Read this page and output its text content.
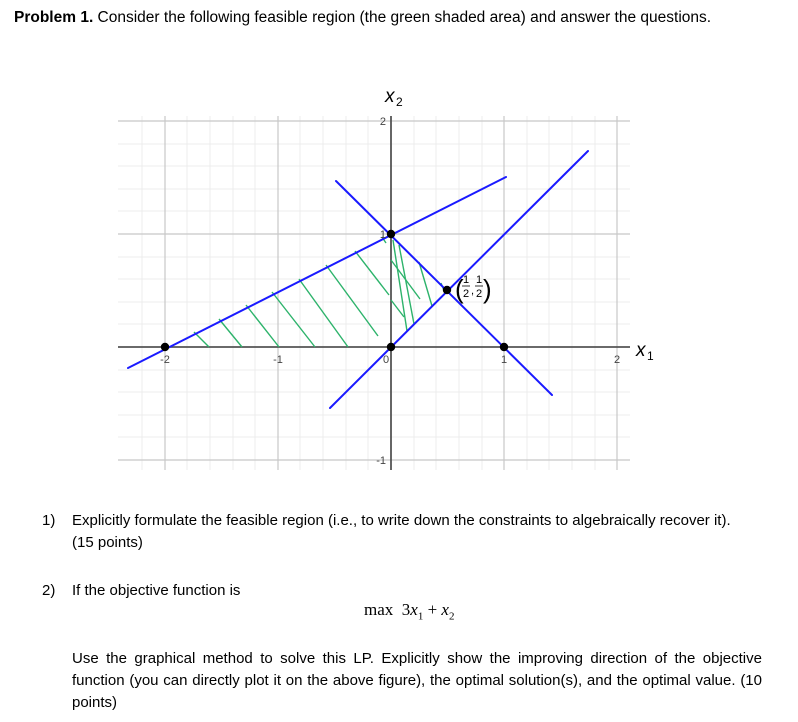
Problem 1. Consider the following feasible region (the green shaded area) and answer the questions.
-2	-1	0	1	2
2
1
-1
x 2
x 1
( 1
2 ,
1
2 )
1) Explicitly formulate the feasible region (i.e., to write down the constraints to algebraically recover it). (15 points)
2) If the objective function is
$\max 3x_1 + x_2$
Use the graphical method to solve this LP. Explicitly show the improving direction of the objective function (you can directly plot it on the above figure), the optimal solution(s), and the optimal value. (10 points)
